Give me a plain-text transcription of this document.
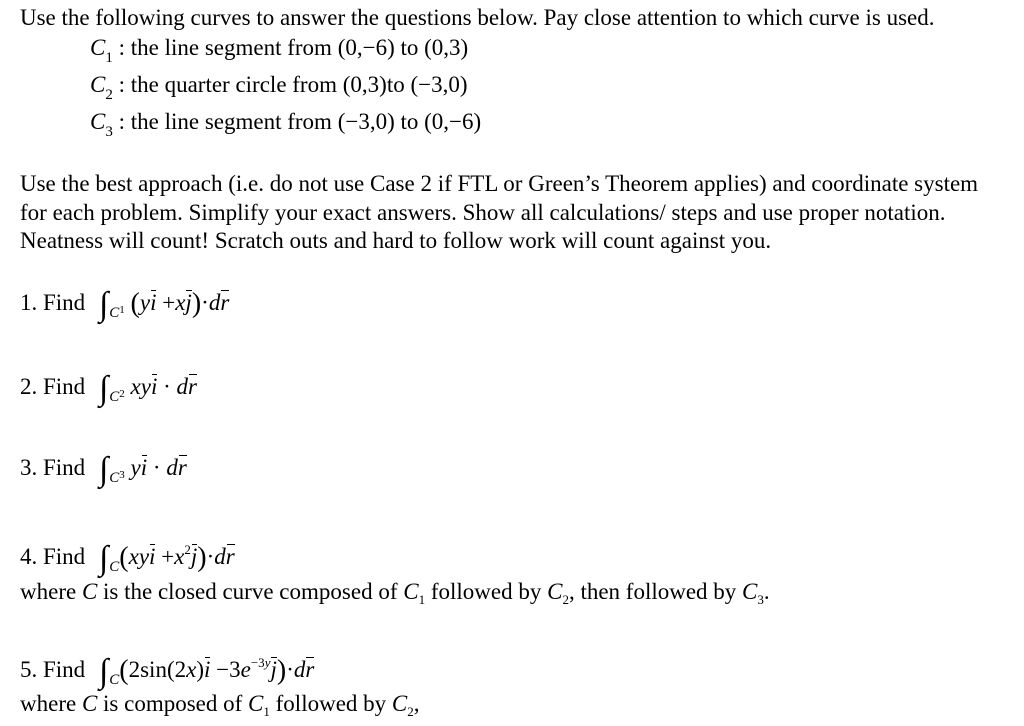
Use the following curves to answer the questions below. Pay close attention to which curve is used.
$C_1$ : the line segment from (0,−6) to (0,3)
$C_2$ : the quarter circle from (0,3)to (−3,0)
$C_3$ : the line segment from (−3,0) to (0,−6)
Use the best approach (i.e. do not use Case 2 if FTL or Green’s Theorem applies) and coordinate system for each problem. Simplify your exact answers. Show all calculations/ steps and use proper notation. Neatness will count! Scratch outs and hard to follow work will count against you.
1. Find $\int_C1$ (yi +xj)·dr
2. Find $\int_C2$ xyi · dr
3. Find $\int_C3$ yi · dr
4. Find $\int_C(xyi +x^2j)\cdot dr$
where C is the closed curve composed of $C_1$ followed by $C_2$, then followed by $C_3$.
5. Find $\int_C(2\sin(2x)i -3e^{-3y}j)\cdot dr$
where C is composed of $C_1$ followed by $C_2$,
